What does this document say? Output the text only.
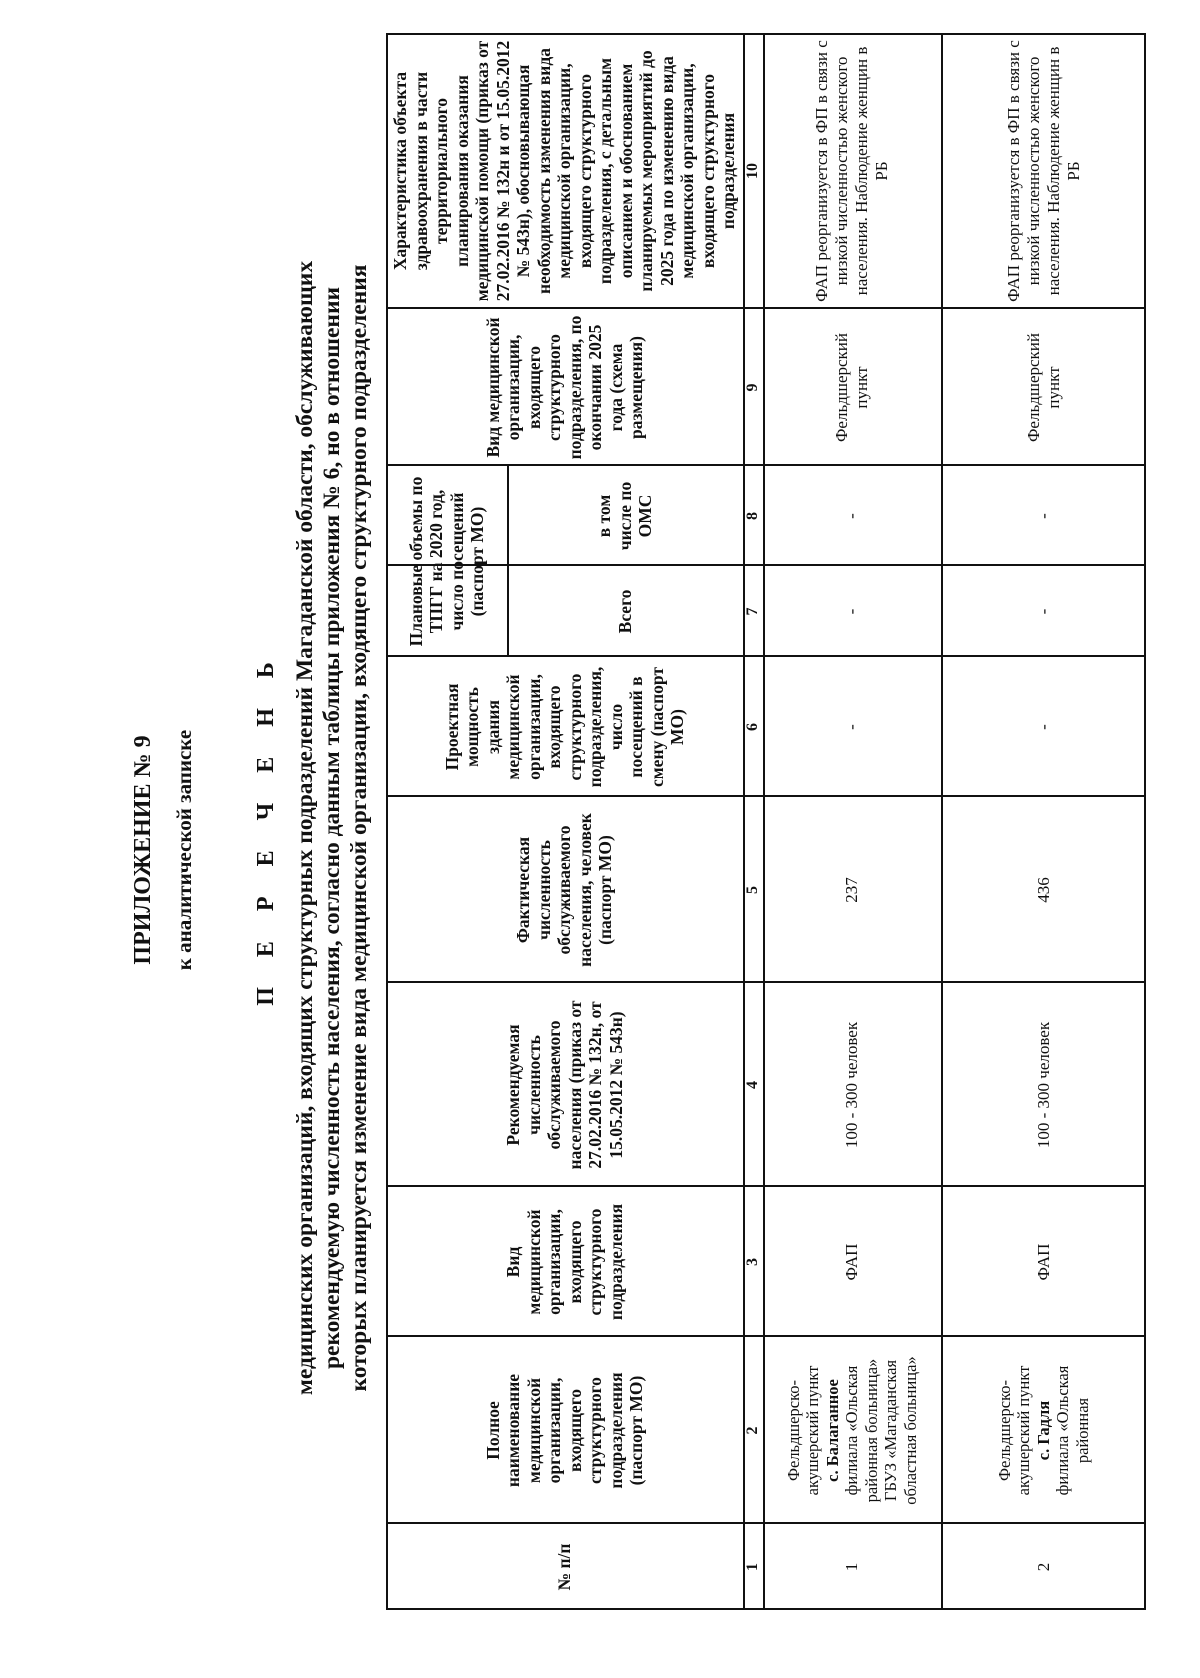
ПРИЛОЖЕНИЕ № 9 к аналитической записке П Е Р Е Ч Е Н Ь медицинских организаций, входящих структурных подразделений Магаданской области, обслуживающих рекомендуемую численность населения, согласно данным таблицы приложения № 6, но в отношении которых планируется изменение вида медицинской организации, входящего структурного подразделения
№ п/п
Полное наименование медицинской организации, входящего структурного подразделения (паспорт МО)
Вид медицинской организации, входящего структурного подразделения
Рекомендуемая численность обслуживаемого населения (приказ от 27.02.2016 № 132н, от 15.05.2012 № 543н)
Фактическая численность обслуживаемого населения, человек (паспорт МО)
Проектная мощность здания медицинской организации, входящего структурного подразделения, число посещений в смену (паспорт МО)
Плановые объемы по ТПГГ на 2020 год, число посещений (паспорт МО)	Всего
в том числе по ОМС
Вид медицинской организации, входящего структурного подразделения, по окончании 2025 года (схема размещения)
Характеристика объекта здравоохранения в части территориального планирования оказания медицинской помощи (приказ от 27.02.2016 № 132н и от 15.05.2012 № 543н), обосновывающая необходимость изменения вида медицинской организации, входящего структурного подразделения, с детальным описанием и обоснованием планируемых мероприятий до 2025 года по изменению вида медицинской организации, входящего структурного подразделения
1
2
3
4
5
6
7
8
9
10
1
Фельдшерско-акушерский пункт с. Балаганное филиала «Ольская районная больница» ГБУЗ «Магаданская областная больница»
ФАП
100 - 300 человек
237
-
-
-
Фельдшерский пункт
ФАП реорганизуется в ФП в связи с низкой численностью женского населения. Наблюдение женщин в РБ
2
Фельдшерско-акушерский пункт с. Гадля филиала «Ольская районная
ФАП
100 - 300 человек
436
-
-
-
Фельдшерский пункт
ФАП реорганизуется в ФП в связи с низкой численностью женского населения. Наблюдение женщин в РБ
